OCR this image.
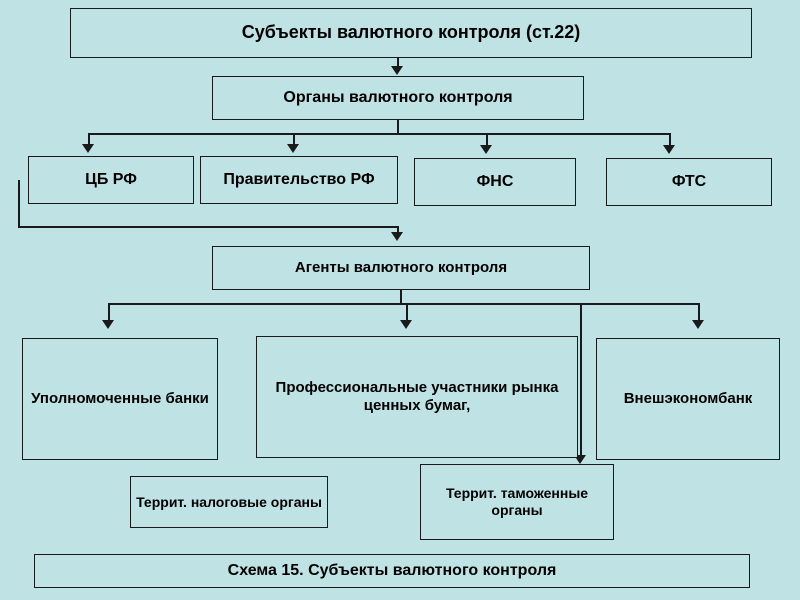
Субъекты валютного контроля (ст.22)
Органы валютного контроля
ЦБ РФ	Правительство РФ	ФНС	ФТС
Агенты валютного контроля
Уполномоченные банки
Профессиональные участники рынка ценных бумаг,	Внешэкономбанк
Террит. налоговые органы
Террит. таможенные органы
Схема 15. Субъекты валютного контроля
